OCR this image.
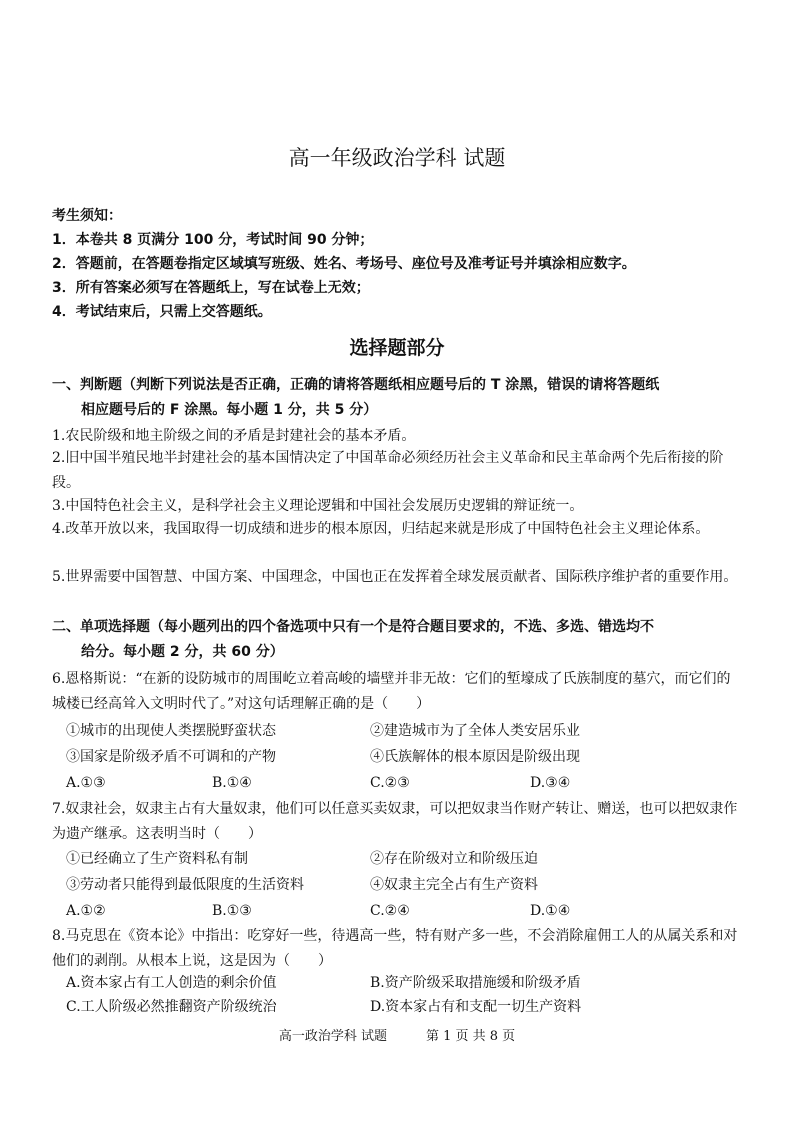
高一年级政治学科 试题
考生须知：
1．本卷共 8 页满分 100 分，考试时间 90 分钟；
2．答题前，在答题卷指定区域填写班级、姓名、考场号、座位号及准考证号并填涂相应数字。
3．所有答案必须写在答题纸上，写在试卷上无效；
4．考试结束后，只需上交答题纸。
选择题部分
一、判断题（判断下列说法是否正确，正确的请将答题纸相应题号后的 T 涂黑，错误的请将答题纸
相应题号后的 F 涂黑。每小题 1 分，共 5 分）
1.农民阶级和地主阶级之间的矛盾是封建社会的基本矛盾。
2.旧中国半殖民地半封建社会的基本国情决定了中国革命必须经历社会主义革命和民主革命两个先后衔接的阶段。
3.中国特色社会主义，是科学社会主义理论逻辑和中国社会发展历史逻辑的辩证统一。
4.改革开放以来，我国取得一切成绩和进步的根本原因，归结起来就是形成了中国特色社会主义理论体系。
5.世界需要中国智慧、中国方案、中国理念，中国也正在发挥着全球发展贡献者、国际秩序维护者的重要作用。
二、单项选择题（每小题列出的四个备选项中只有一个是符合题目要求的，不选、多选、错选均不
给分。每小题 2 分，共 60 分）
6.恩格斯说：“在新的设防城市的周围屹立着高峻的墙壁并非无故：它们的堑壕成了氏族制度的墓穴，而它们的城楼已经高耸入文明时代了。”对这句话理解正确的是（　　）
①城市的出现使人类摆脱野蛮状态	②建造城市为了全体人类安居乐业
③国家是阶级矛盾不可调和的产物	④氏族解体的根本原因是阶级出现
A.①③	B.①④	C.②③	D.③④
7.奴隶社会，奴隶主占有大量奴隶，他们可以任意买卖奴隶，可以把奴隶当作财产转让、赠送，也可以把奴隶作为遗产继承。这表明当时（　　）
①已经确立了生产资料私有制	②存在阶级对立和阶级压迫
③劳动者只能得到最低限度的生活资料	④奴隶主完全占有生产资料
A.①②	B.①③	C.②④	D.①④
8.马克思在《资本论》中指出：吃穿好一些，待遇高一些，特有财产多一些，不会消除雇佣工人的从属关系和对他们的剥削。从根本上说，这是因为（　　）
A.资本家占有工人创造的剩余价值	B.资产阶级采取措施缓和阶级矛盾
C.工人阶级必然推翻资产阶级统治	D.资本家占有和支配一切生产资料
高一政治学科 试题　　　第 1 页 共 8 页
